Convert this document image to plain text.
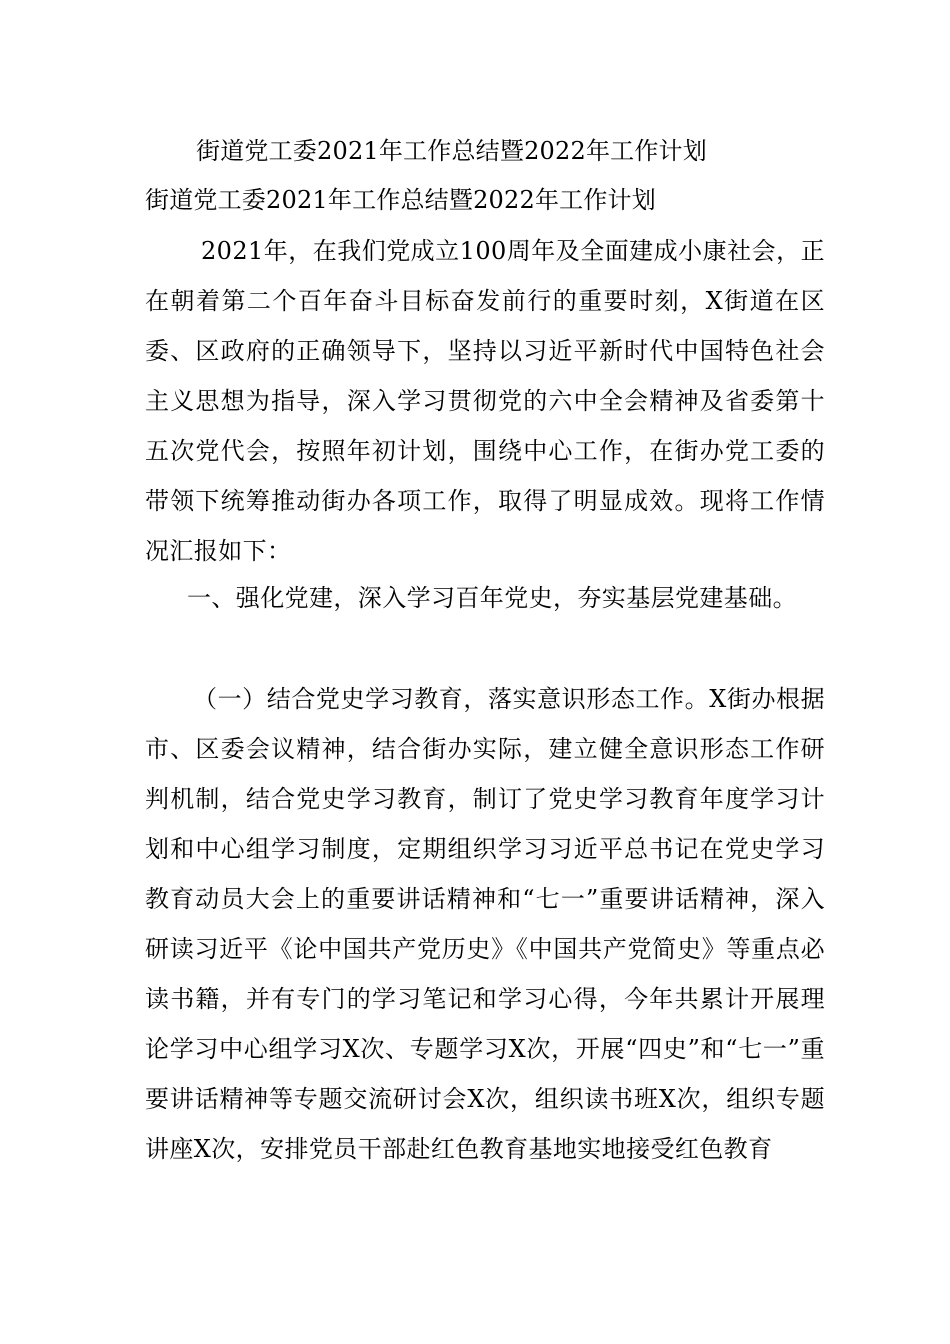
街道党工委2021年工作总结暨2022年工作计划
街道党工委2021年工作总结暨2022年工作计划
2021年，在我们党成立100周年及全面建成小康社会，正在朝着第二个百年奋斗目标奋发前行的重要时刻，X街道在区委、区政府的正确领导下，坚持以习近平新时代中国特色社会主义思想为指导，深入学习贯彻党的六中全会精神及省委第十五次党代会，按照年初计划，围绕中心工作，在街办党工委的带领下统筹推动街办各项工作，取得了明显成效。现将工作情况汇报如下：
一、强化党建，深入学习百年党史，夯实基层党建基础。
（一）结合党史学习教育，落实意识形态工作。X街办根据市、区委会议精神，结合街办实际，建立健全意识形态工作研判机制，结合党史学习教育，制订了党史学习教育年度学习计划和中心组学习制度，定期组织学习习近平总书记在党史学习教育动员大会上的重要讲话精神和“七一”重要讲话精神，深入研读习近平《论中国共产党历史》《中国共产党简史》等重点必读书籍，并有专门的学习笔记和学习心得，今年共累计开展理论学习中心组学习X次、专题学习X次，开展“四史”和“七一”重要讲话精神等专题交流研讨会X次，组织读书班X次，组织专题讲座X次，安排党员干部赴红色教育基地实地接受红色教育
